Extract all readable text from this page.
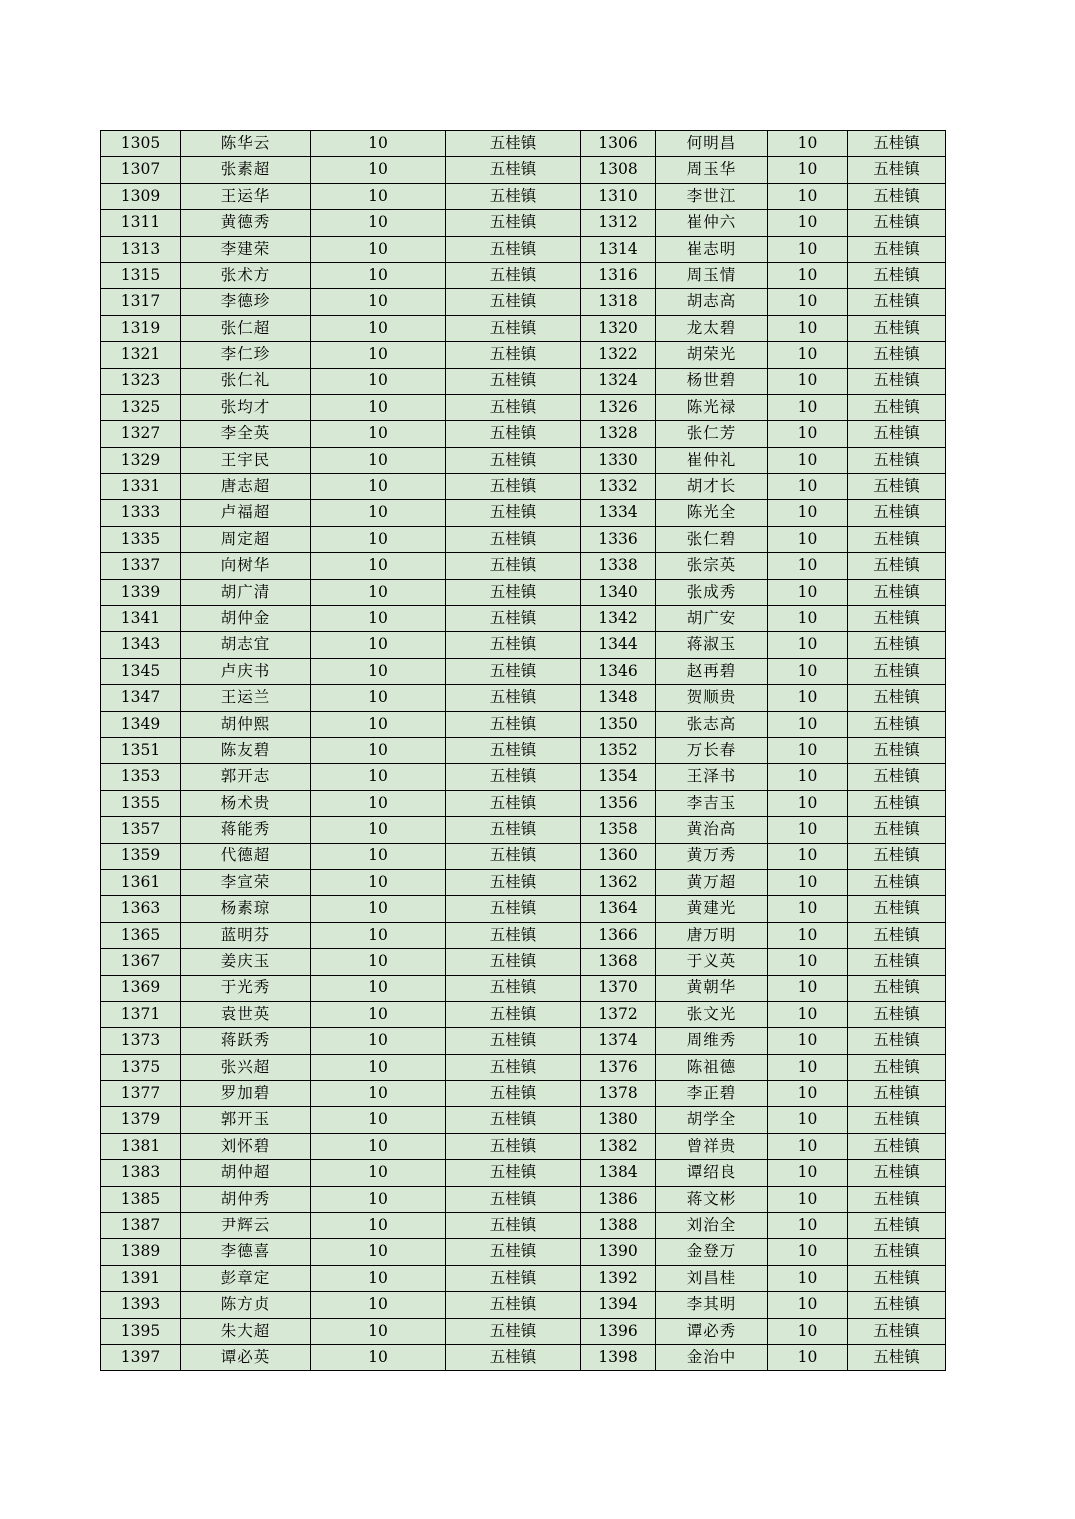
1305	陈华云	10	五桂镇	1306	何明昌	10	五桂镇
1307	张素超	10	五桂镇	1308	周玉华	10	五桂镇
1309	王运华	10	五桂镇	1310	李世江	10	五桂镇
1311	黄德秀	10	五桂镇	1312	崔仲六	10	五桂镇
1313	李建荣	10	五桂镇	1314	崔志明	10	五桂镇
1315	张术方	10	五桂镇	1316	周玉情	10	五桂镇
1317	李德珍	10	五桂镇	1318	胡志高	10	五桂镇
1319	张仁超	10	五桂镇	1320	龙太碧	10	五桂镇
1321	李仁珍	10	五桂镇	1322	胡荣光	10	五桂镇
1323	张仁礼	10	五桂镇	1324	杨世碧	10	五桂镇
1325	张均才	10	五桂镇	1326	陈光禄	10	五桂镇
1327	李全英	10	五桂镇	1328	张仁芳	10	五桂镇
1329	王宇民	10	五桂镇	1330	崔仲礼	10	五桂镇
1331	唐志超	10	五桂镇	1332	胡才长	10	五桂镇
1333	卢福超	10	五桂镇	1334	陈光全	10	五桂镇
1335	周定超	10	五桂镇	1336	张仁碧	10	五桂镇
1337	向树华	10	五桂镇	1338	张宗英	10	五桂镇
1339	胡广清	10	五桂镇	1340	张成秀	10	五桂镇
1341	胡仲金	10	五桂镇	1342	胡广安	10	五桂镇
1343	胡志宜	10	五桂镇	1344	蒋淑玉	10	五桂镇
1345	卢庆书	10	五桂镇	1346	赵再碧	10	五桂镇
1347	王运兰	10	五桂镇	1348	贺顺贵	10	五桂镇
1349	胡仲熙	10	五桂镇	1350	张志高	10	五桂镇
1351	陈友碧	10	五桂镇	1352	万长春	10	五桂镇
1353	郭开志	10	五桂镇	1354	王泽书	10	五桂镇
1355	杨术贵	10	五桂镇	1356	李吉玉	10	五桂镇
1357	蒋能秀	10	五桂镇	1358	黄治高	10	五桂镇
1359	代德超	10	五桂镇	1360	黄万秀	10	五桂镇
1361	李宣荣	10	五桂镇	1362	黄万超	10	五桂镇
1363	杨素琼	10	五桂镇	1364	黄建光	10	五桂镇
1365	蓝明芬	10	五桂镇	1366	唐万明	10	五桂镇
1367	姜庆玉	10	五桂镇	1368	于义英	10	五桂镇
1369	于光秀	10	五桂镇	1370	黄朝华	10	五桂镇
1371	袁世英	10	五桂镇	1372	张文光	10	五桂镇
1373	蒋跃秀	10	五桂镇	1374	周维秀	10	五桂镇
1375	张兴超	10	五桂镇	1376	陈祖德	10	五桂镇
1377	罗加碧	10	五桂镇	1378	李正碧	10	五桂镇
1379	郭开玉	10	五桂镇	1380	胡学全	10	五桂镇
1381	刘怀碧	10	五桂镇	1382	曾祥贵	10	五桂镇
1383	胡仲超	10	五桂镇	1384	谭绍良	10	五桂镇
1385	胡仲秀	10	五桂镇	1386	蒋文彬	10	五桂镇
1387	尹辉云	10	五桂镇	1388	刘治全	10	五桂镇
1389	李德喜	10	五桂镇	1390	金登万	10	五桂镇
1391	彭章定	10	五桂镇	1392	刘昌桂	10	五桂镇
1393	陈方贞	10	五桂镇	1394	李其明	10	五桂镇
1395	朱大超	10	五桂镇	1396	谭必秀	10	五桂镇
1397	谭必英	10	五桂镇	1398	金治中	10	五桂镇
